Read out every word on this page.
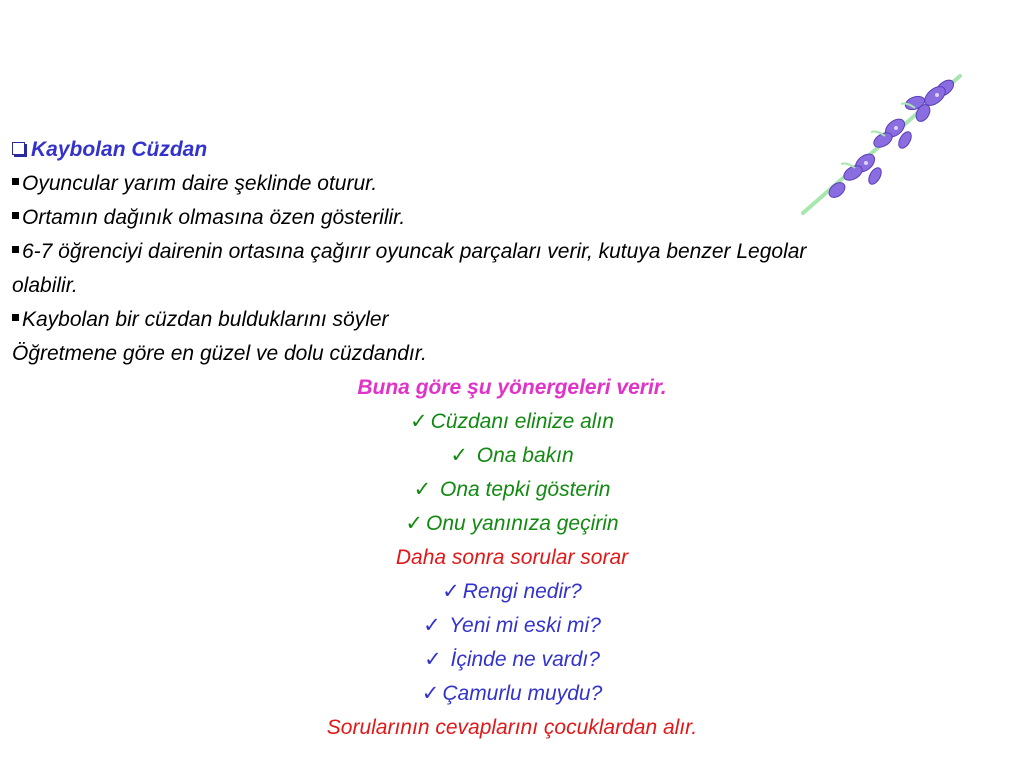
Kaybolan Cüzdan
Oyuncular yarım daire şeklinde oturur.
Ortamın dağınık olmasına özen gösterilir.
6-7 öğrenciyi dairenin ortasına çağırır oyuncak parçaları verir, kutuya benzer Legolar
olabilir.
Kaybolan bir cüzdan bulduklarını söyler
Öğretmene göre en güzel ve dolu cüzdandır.
Buna göre şu yönergeleri verir.
✓ Cüzdanı elinize alın
✓ Ona bakın
✓ Ona tepki gösterin
✓ Onu yanınıza geçirin
Daha sonra sorular sorar
✓ Rengi nedir?
✓ Yeni mi eski mi?
✓ İçinde ne vardı?
✓ Çamurlu muydu?
Sorularının cevaplarını çocuklardan alır.
